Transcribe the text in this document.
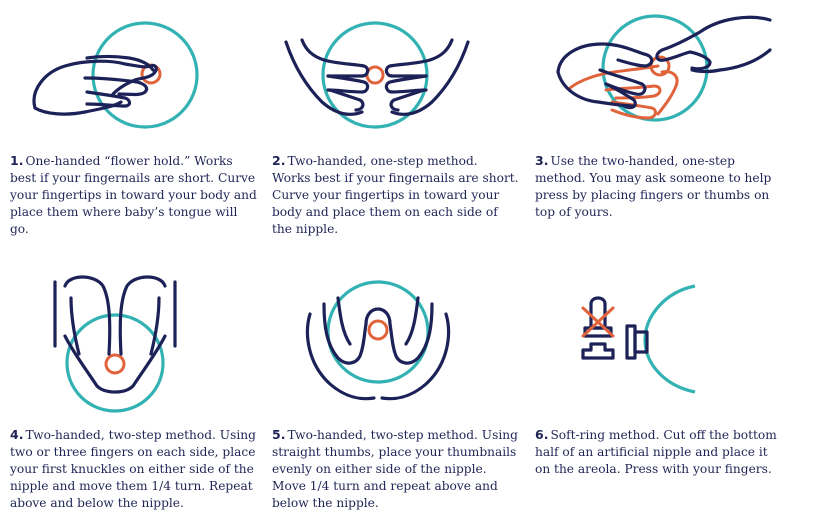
1. One-handed “flower hold.” Works best if your fingernails are short. Curve your fingertips in toward your body and place them where baby’s tongue will go.
2. Two-handed, one-step method. Works best if your fingernails are short. Curve your fingertips in toward your body and place them on each side of the nipple.
3. Use the two-handed, one-step method. You may ask someone to help press by placing fingers or thumbs on top of yours.
4. Two-handed, two-step method. Using two or three fingers on each side, place your first knuckles on either side of the nipple and move them 1/4 turn. Repeat above and below the nipple.
5. Two-handed, two-step method. Using straight thumbs, place your thumbnails evenly on either side of the nipple. Move 1/4 turn and repeat above and below the nipple.
6. Soft-ring method. Cut off the bottom half of an artificial nipple and place it on the areola. Press with your fingers.
